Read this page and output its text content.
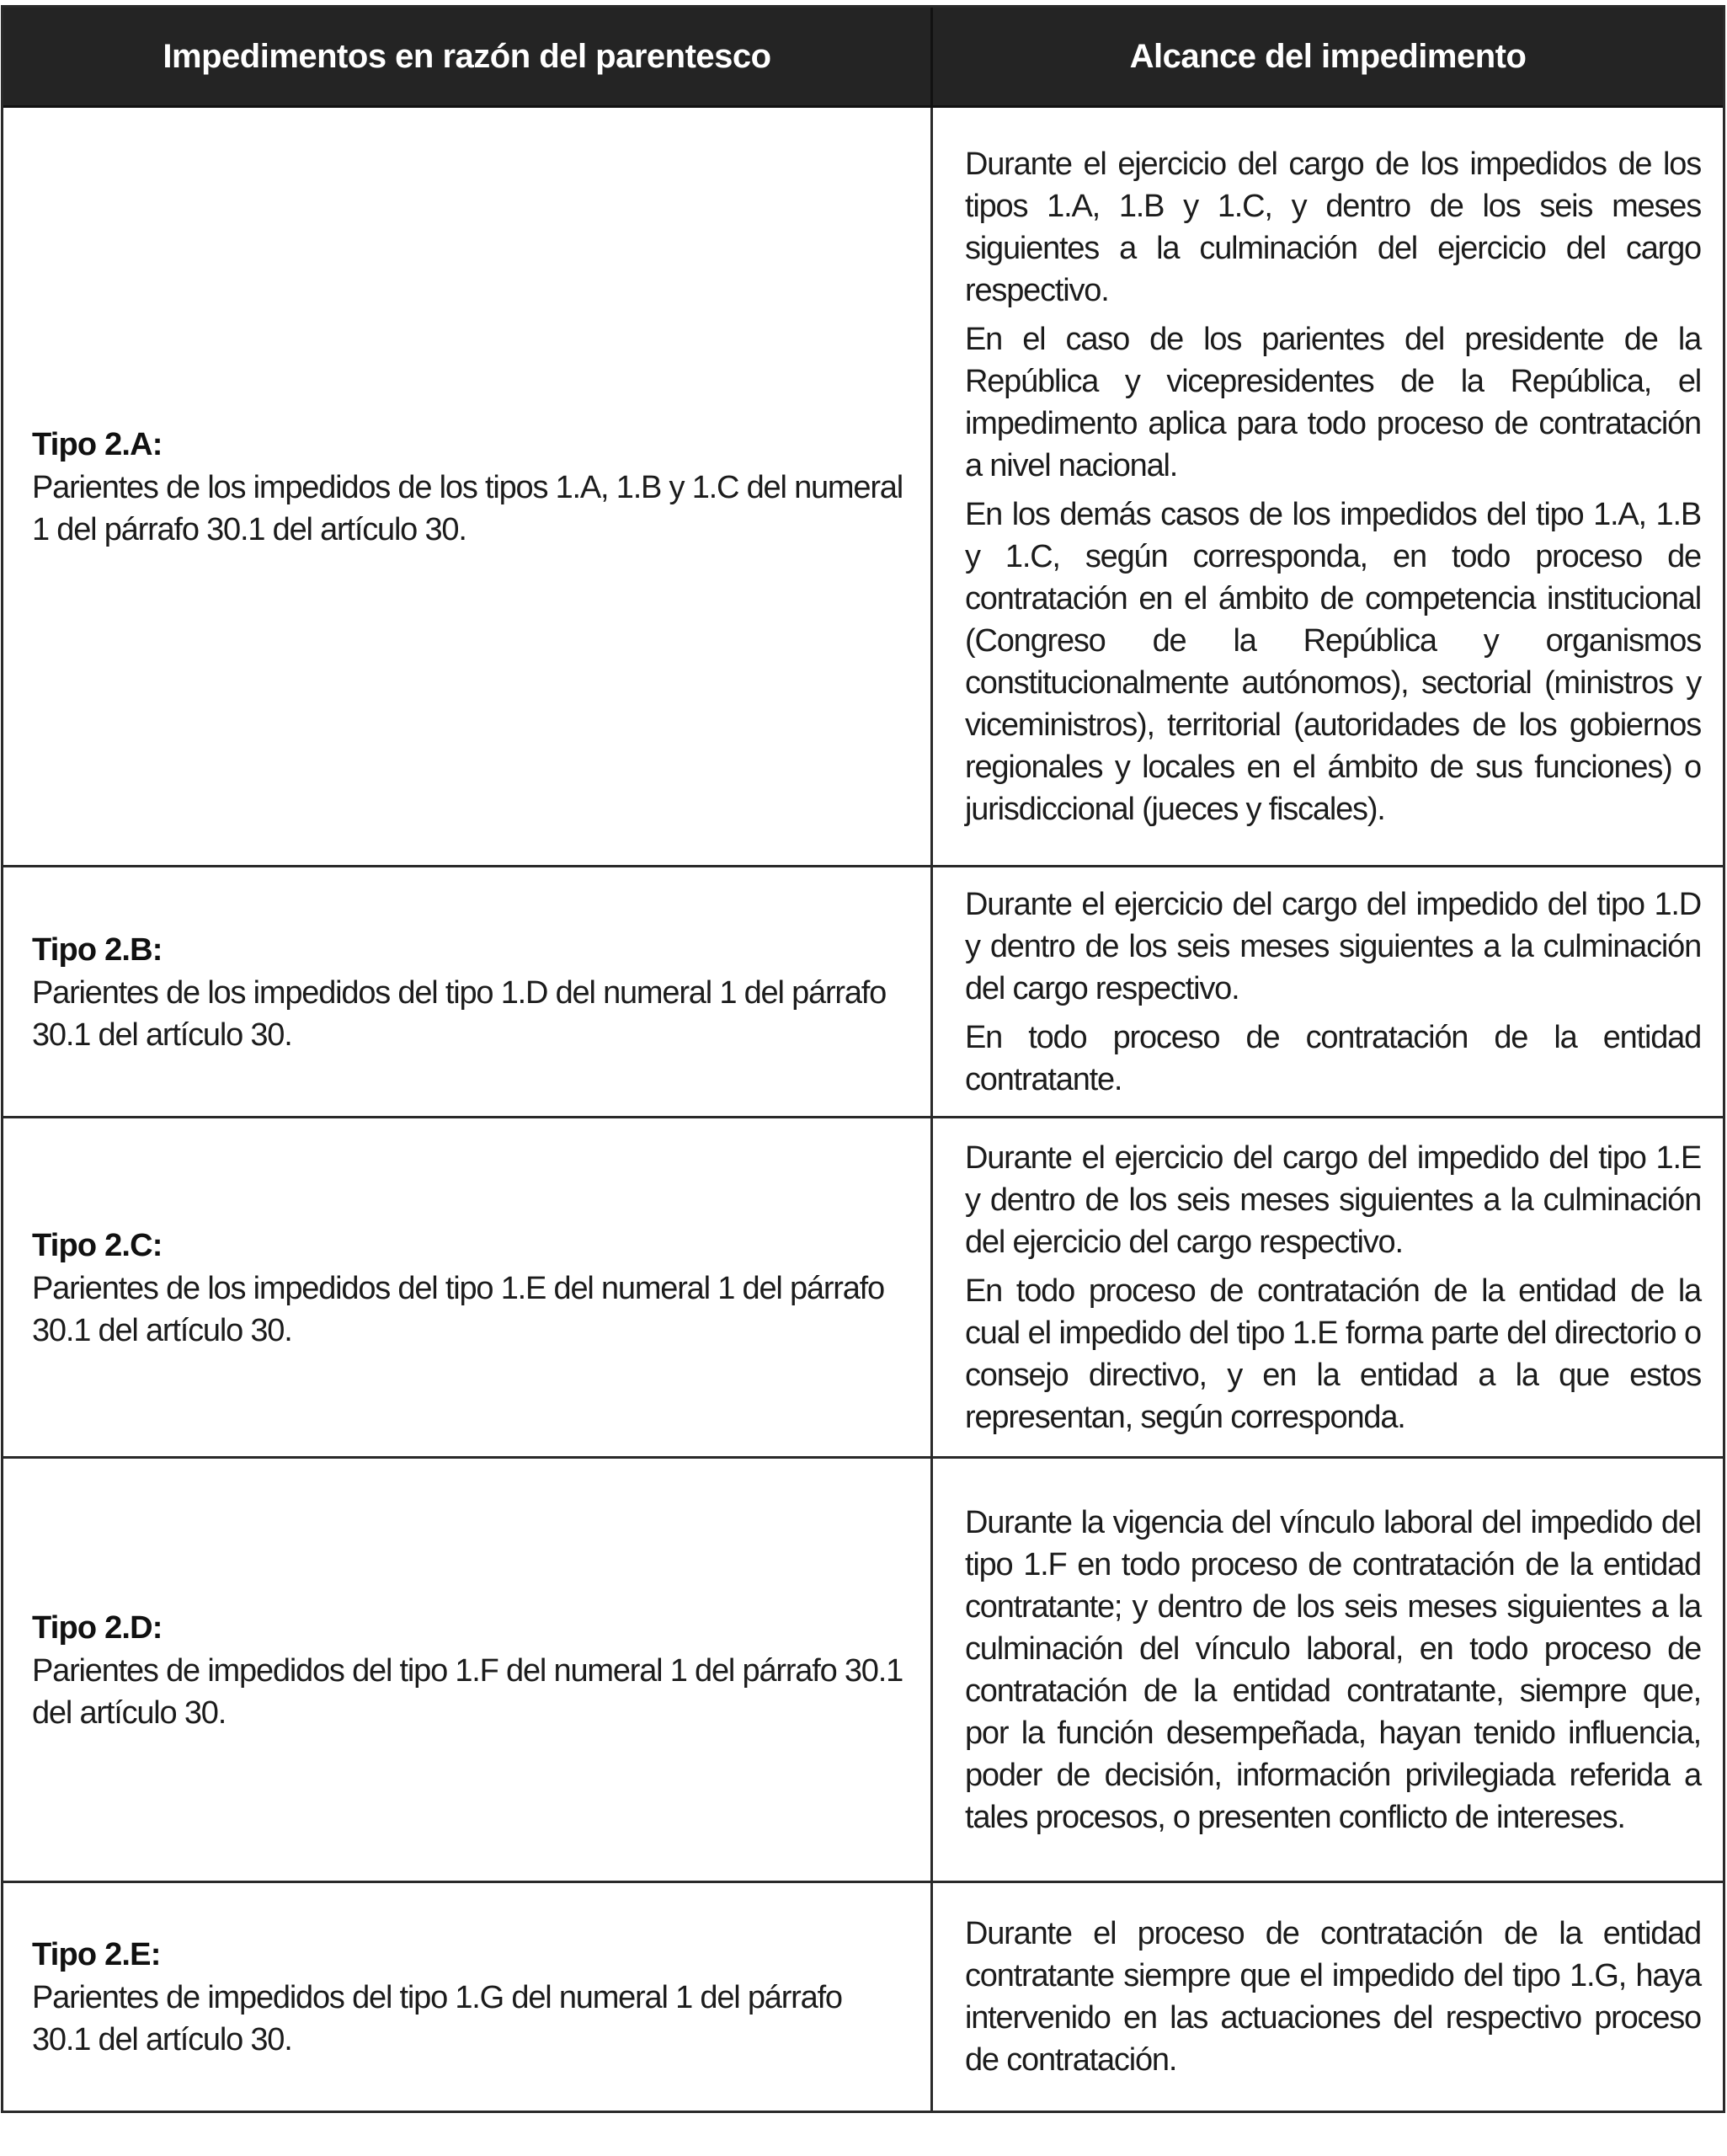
Impedimentos en razón del parentesco	Alcance del impedimento
Tipo 2.A:
Parientes de los impedidos de los tipos 1.A, 1.B y 1.C del numeral 1 del párrafo 30.1 del artículo 30.

Durante el ejercicio del cargo de los impedidos de los tipos 1.A, 1.B y 1.C, y dentro de los seis meses siguientes a la culminación del ejercicio del cargo respectivo.

En el caso de los parientes del presidente de la República y vicepresidentes de la República, el impedimento aplica para todo proceso de contratación a nivel nacional.

En los demás casos de los impedidos del tipo 1.A, 1.B y 1.C, según corresponda, en todo proceso de contratación en el ámbito de competencia institucional (Congreso de la República y organismos constitucionalmente autónomos), sectorial (ministros y viceministros), territorial (autoridades de los gobiernos regionales y locales en el ámbito de sus funciones) o jurisdiccional (jueces y fiscales).

Tipo 2.B:
Parientes de los impedidos del tipo 1.D del numeral 1 del párrafo 30.1 del artículo 30.

Durante el ejercicio del cargo del impedido del tipo 1.D y dentro de los seis meses siguientes a la culminación del cargo respectivo.

En todo proceso de contratación de la entidad contratante.

Tipo 2.C:
Parientes de los impedidos del tipo 1.E del numeral 1 del párrafo 30.1 del artículo 30.

Durante el ejercicio del cargo del impedido del tipo 1.E y dentro de los seis meses siguientes a la culminación del ejercicio del cargo respectivo.

En todo proceso de contratación de la entidad de la cual el impedido del tipo 1.E forma parte del directorio o consejo directivo, y en la entidad a la que estos representan, según corresponda.

Tipo 2.D:
Parientes de impedidos del tipo 1.F del numeral 1 del párrafo 30.1 del artículo 30.

Durante la vigencia del vínculo laboral del impedido del tipo 1.F en todo proceso de contratación de la entidad contratante; y dentro de los seis meses siguientes a la culminación del vínculo laboral, en todo proceso de contratación de la entidad contratante, siempre que, por la función desempeñada, hayan tenido influencia, poder de decisión, información privilegiada referida a tales procesos, o presenten conflicto de intereses.

Tipo 2.E:
Parientes de impedidos del tipo 1.G del numeral 1 del párrafo 30.1 del artículo 30.

Durante el proceso de contratación de la entidad contratante siempre que el impedido del tipo 1.G, haya intervenido en las actuaciones del respectivo proceso de contratación.
